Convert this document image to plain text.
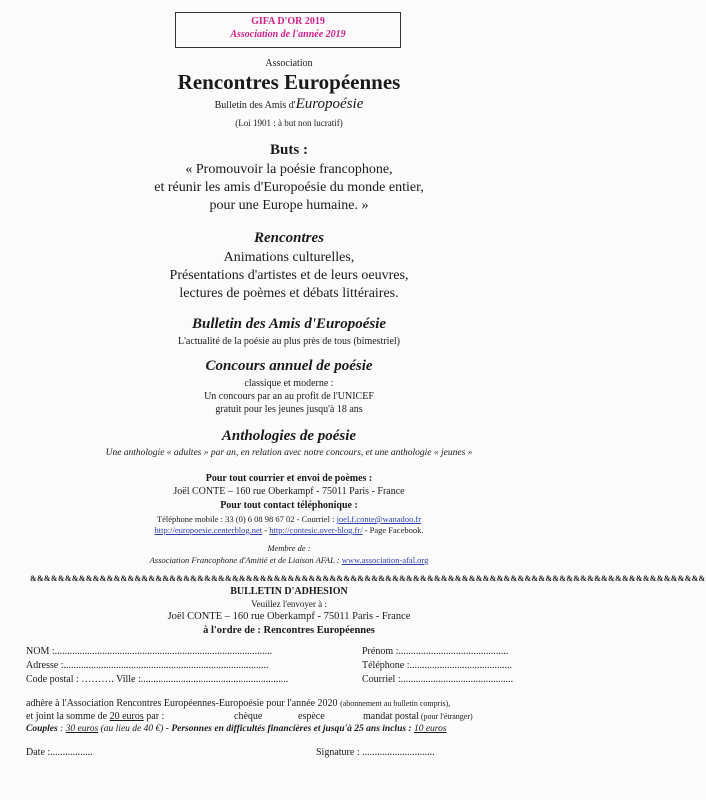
GIFA D'OR 2019
Association de l'année 2019
Association
Rencontres Européennes
Bulletin des Amis d'Europoésie
(Loi 1901 : à but non lucratif)
Buts :
« Promouvoir la poésie francophone,
et réunir les amis d'Europoésie du monde entier,
pour une Europe humaine. »
Rencontres
Animations culturelles,
Présentations d'artistes et de leurs oeuvres,
lectures de poèmes et débats littéraires.
Bulletin des Amis d'Europoésie
L'actualité de la poésie au plus près de tous (bimestriel)
Concours annuel de poésie
classique et moderne :
Un concours par an au profit de l'UNICEF
gratuit pour les jeunes jusqu'à 18 ans
Anthologies de poésie
Une anthologie « adultes » par an, en relation avec notre concours, et une anthologie « jeunes »
Pour tout courrier et envoi de poèmes :
Joël CONTE – 160 rue Oberkampf - 75011 Paris - France
Pour tout contact téléphonique :
Téléphone mobile : 33 (0) 6 08 98 67 02 - Courriel : joel.f.conte@wanadoo.fr
http://europoesie.centerblog.net - http://contesic.over-blog.fr/ - Page Facebook.
Membre de :
Association Francophone d'Amitié et de Liaison AFAL : www.association-afal.org
&&&&&&&&&&&&&&&&&&&&&&&&&&&&&&&&&&&&&&&&&&&&&&&&&&&&&&&&&&&&&&&&&&&&&&&&&&&&&&&&&&&&&&&&&&&&&&&&&
BULLETIN D'ADHESION
Veuillez l'envoyer à :
Joël CONTE – 160 rue Oberkampf - 75011 Paris - France
à l'ordre de : Rencontres Européennes
NOM :.......................................................................................	Prénom :............................................
Adresse :..................................................................................	Téléphone :.........................................
Code postal : ………. Ville :...........................................................	Courriel :.............................................
adhère à l'Association Rencontres Européennes-Europoésie pour l'année 2020 (abonnement au bulletin compris),
et joint la somme de 20 euros par :	chèque	espèce	mandat postal (pour l'étranger)
Couples : 30 euros (au lieu de 40 €) - Personnes en difficultés financières et jusqu'à 25 ans inclus : 10 euros
Date :.................	Signature : .............................
